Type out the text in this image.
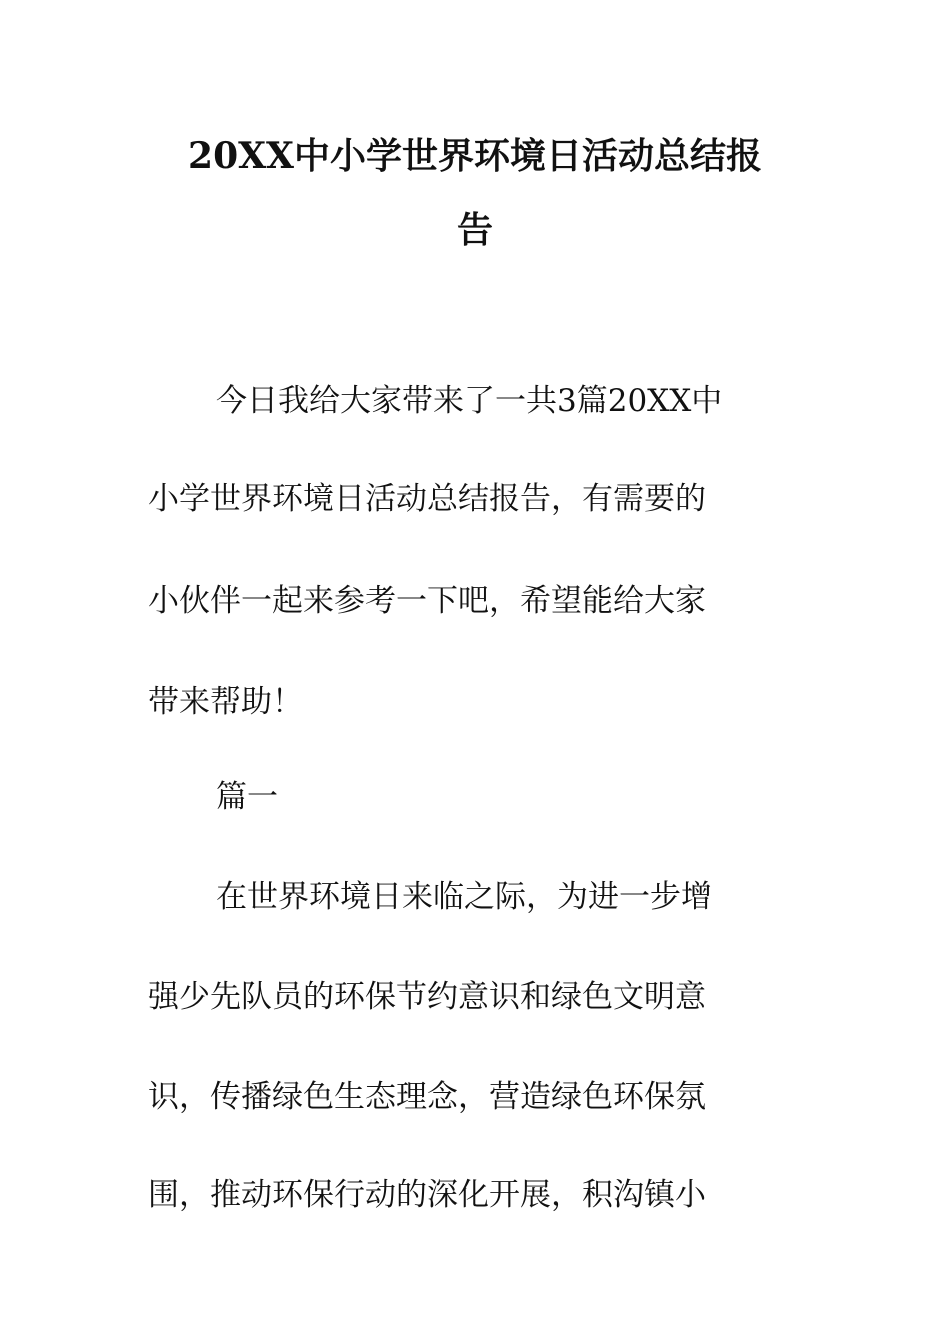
20XX中小学世界环境日活动总结报
告
今日我给大家带来了一共3篇20XX中
小学世界环境日活动总结报告，有需要的
小伙伴一起来参考一下吧，希望能给大家
带来帮助！
篇一
在世界环境日来临之际，为进一步增
强少先队员的环保节约意识和绿色文明意
识，传播绿色生态理念，营造绿色环保氛
围，推动环保行动的深化开展，积沟镇小
